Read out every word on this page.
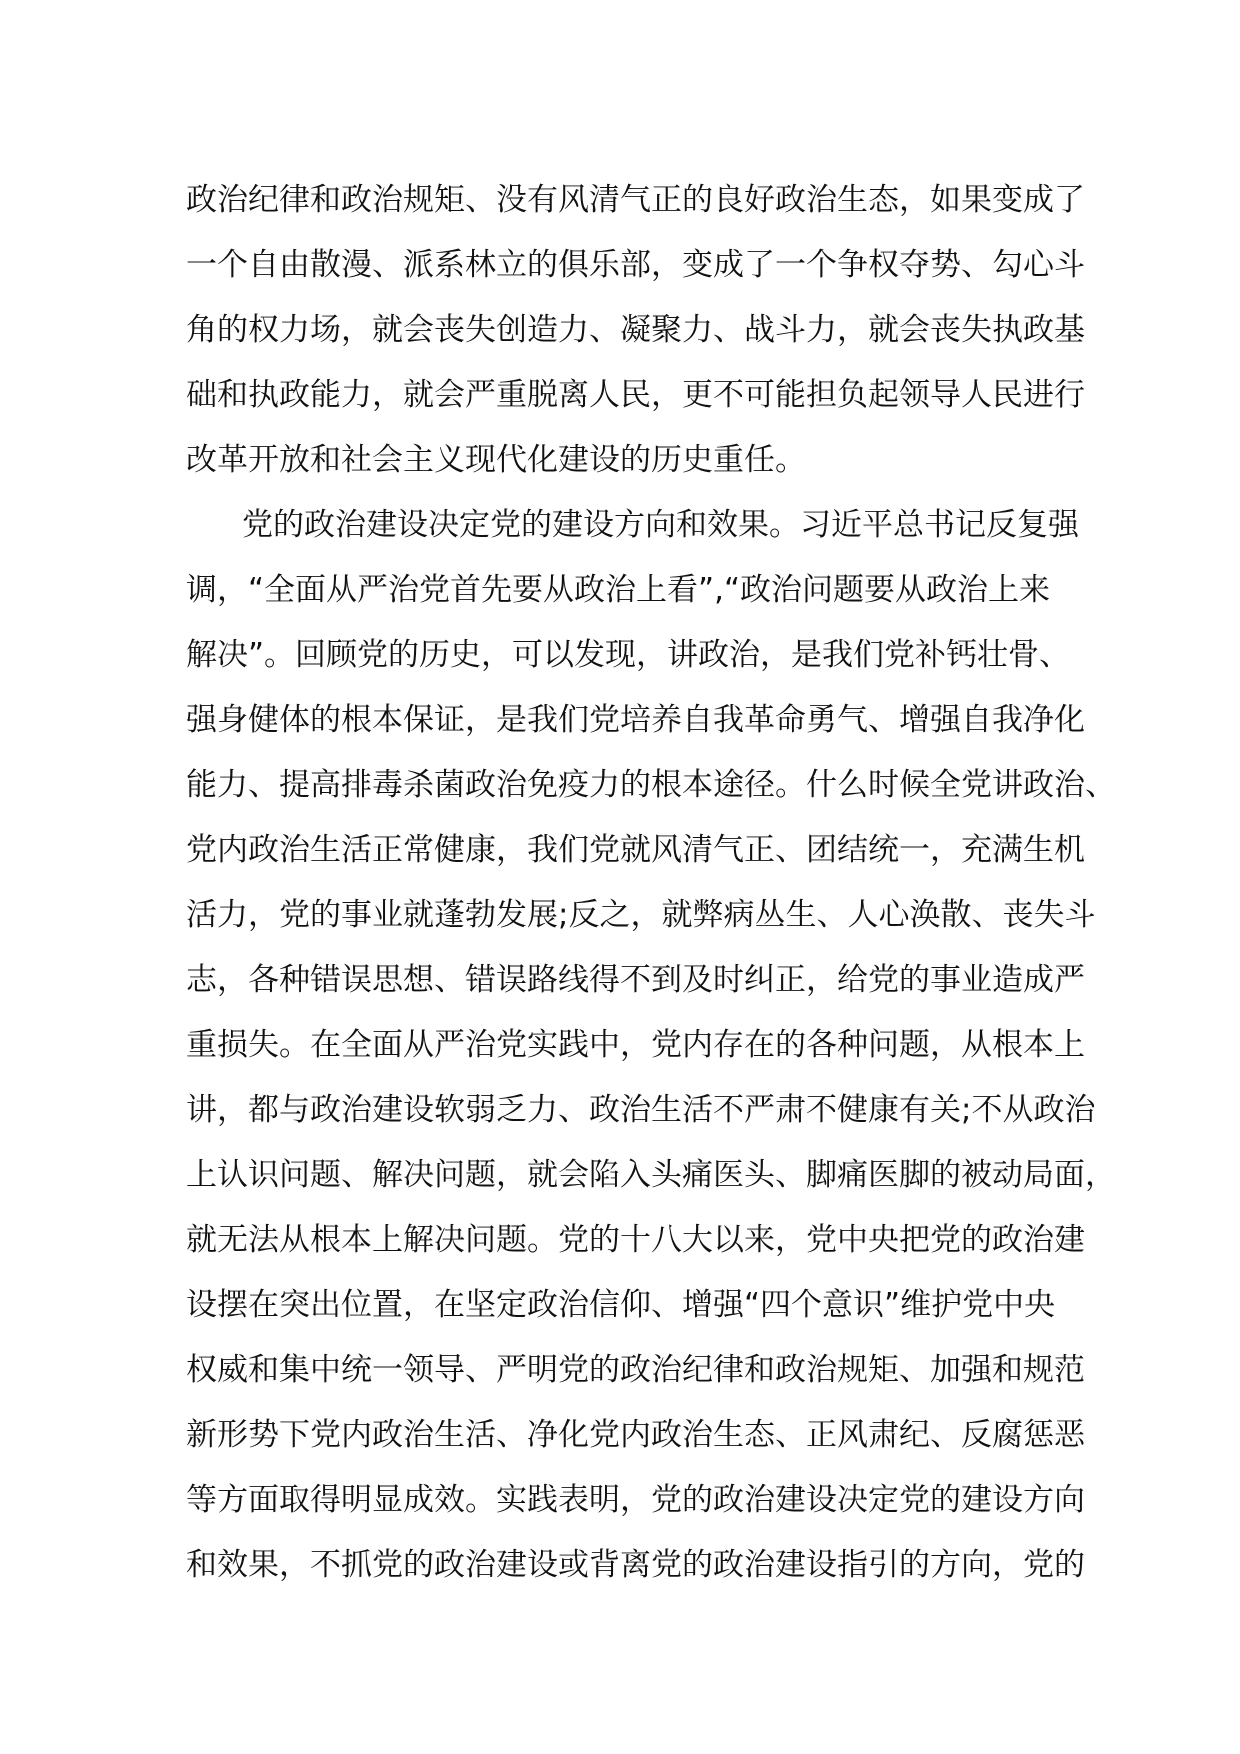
政治纪律和政治规矩、没有风清气正的良好政治生态，如果变成了
一个自由散漫、派系林立的俱乐部，变成了一个争权夺势、勾心斗
角的权力场，就会丧失创造力、凝聚力、战斗力，就会丧失执政基
础和执政能力，就会严重脱离人民，更不可能担负起领导人民进行
改革开放和社会主义现代化建设的历史重任。
党的政治建设决定党的建设方向和效果。习近平总书记反复强
调，“全面从严治党首先要从政治上看”,“政治问题要从政治上来
解决”。回顾党的历史，可以发现，讲政治，是我们党补钙壮骨、
强身健体的根本保证，是我们党培养自我革命勇气、增强自我净化
能力、提高排毒杀菌政治免疫力的根本途径。什么时候全党讲政治、
党内政治生活正常健康，我们党就风清气正、团结统一，充满生机
活力，党的事业就蓬勃发展;反之，就弊病丛生、人心涣散、丧失斗
志，各种错误思想、错误路线得不到及时纠正，给党的事业造成严
重损失。在全面从严治党实践中，党内存在的各种问题，从根本上
讲，都与政治建设软弱乏力、政治生活不严肃不健康有关;不从政治
上认识问题、解决问题，就会陷入头痛医头、脚痛医脚的被动局面，
就无法从根本上解决问题。党的十八大以来，党中央把党的政治建
设摆在突出位置，在坚定政治信仰、增强“四个意识”维护党中央
权威和集中统一领导、严明党的政治纪律和政治规矩、加强和规范
新形势下党内政治生活、净化党内政治生态、正风肃纪、反腐惩恶
等方面取得明显成效。实践表明，党的政治建设决定党的建设方向
和效果，不抓党的政治建设或背离党的政治建设指引的方向，党的
